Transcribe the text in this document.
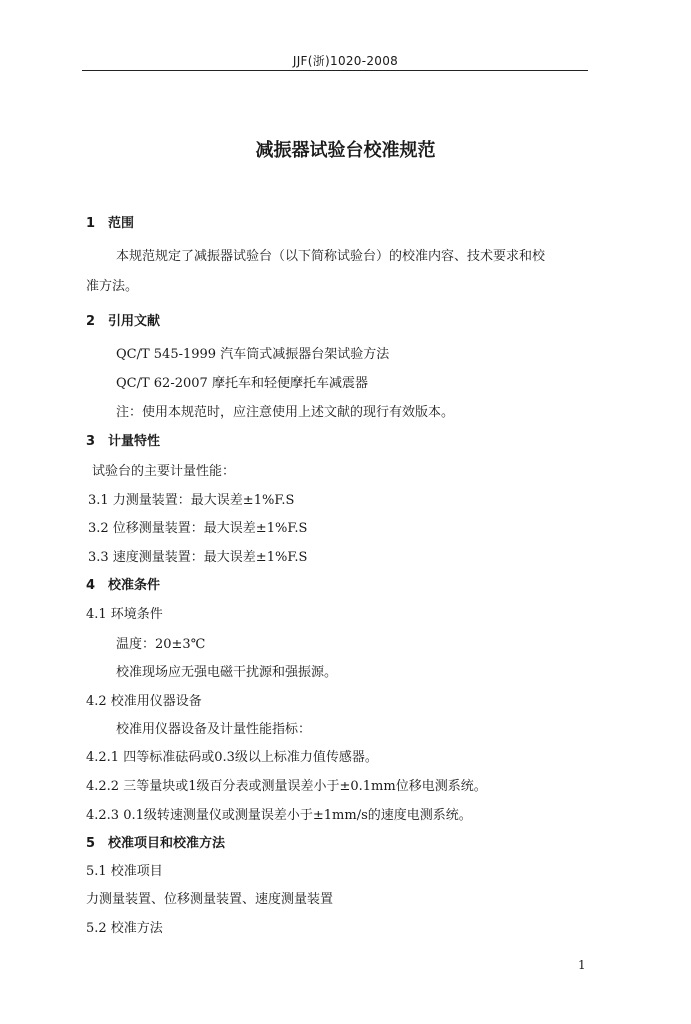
JJF(浙)1020-2008
减振器试验台校准规范
1　范围
本规范规定了减振器试验台（以下简称试验台）的校准内容、技术要求和校
准方法。
2　引用文献
QC/T 545-1999 汽车筒式减振器台架试验方法
QC/T 62-2007 摩托车和轻便摩托车减震器
注：使用本规范时，应注意使用上述文献的现行有效版本。
3　计量特性
试验台的主要计量性能：
3.1 力测量装置：最大误差±1%F.S
3.2 位移测量装置：最大误差±1%F.S
3.3 速度测量装置：最大误差±1%F.S
4　校准条件
4.1 环境条件
温度：20±3℃
校准现场应无强电磁干扰源和强振源。
4.2 校准用仪器设备
校准用仪器设备及计量性能指标：
4.2.1 四等标准砝码或0.3级以上标准力值传感器。
4.2.2 三等量块或1级百分表或测量误差小于±0.1mm位移电测系统。
4.2.3 0.1级转速测量仪或测量误差小于±1mm/s的速度电测系统。
5　校准项目和校准方法
5.1 校准项目
力测量装置、位移测量装置、速度测量装置
5.2 校准方法
1
